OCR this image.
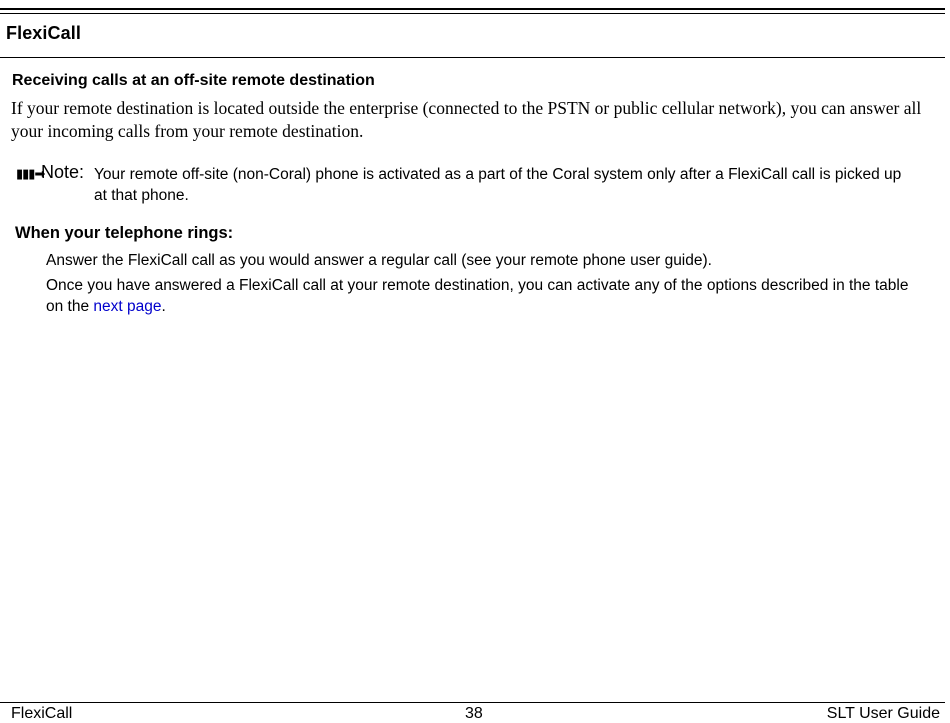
FlexiCall
Receiving calls at an off-site remote destination
If your remote destination is located outside the enterprise (connected to the PSTN or public cellular network), you can answer all your incoming calls from your remote destination.
▮▮▮➡
Note: Your remote off-site (non-Coral) phone is activated as a part of the Coral system only after a FlexiCall call is picked up at that phone.
When your telephone rings:
Answer the FlexiCall call as you would answer a regular call (see your remote phone user guide).
Once you have answered a FlexiCall call at your remote destination, you can activate any of the options described in the table on the next page.
FlexiCall	38	SLT User Guide
